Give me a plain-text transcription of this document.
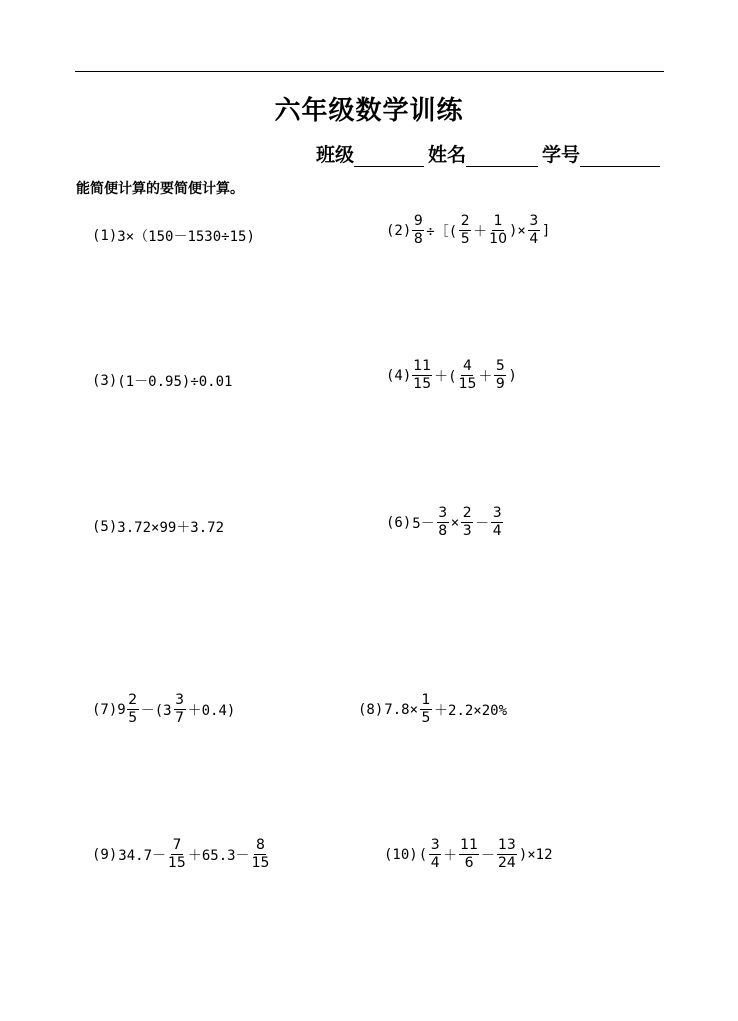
六年级数学训练
班级	姓名	学号
能简便计算的要简便计算。
(1) 3×（150－1530÷15)	$(2) \frac{9}{8}$ ÷［( $\frac{2}{5} + \frac{1}{10}$ )× $\frac{3}{4}$ ]
(3) (1－0.95)÷0.01	$(4) \frac{11}{15}$ ＋( $\frac{4}{15} + \frac{5}{9}$ )
(5) 3.72×99＋3.72	(6) $5- \frac{3}{8} \times \frac{2}{3} - \frac{3}{4}$
(7) $9 \frac{2}{5} -(3 \frac{3}{7} +0.4)$	(8) $7.8\times \frac{1}{5} +2.2\times 20\%$
(9) $34.7- \frac{7}{15} +65.3- \frac{8}{15}$	(10) ( $\frac{3}{4} + \frac{11}{6} - \frac{13}{24} )\times 12$
